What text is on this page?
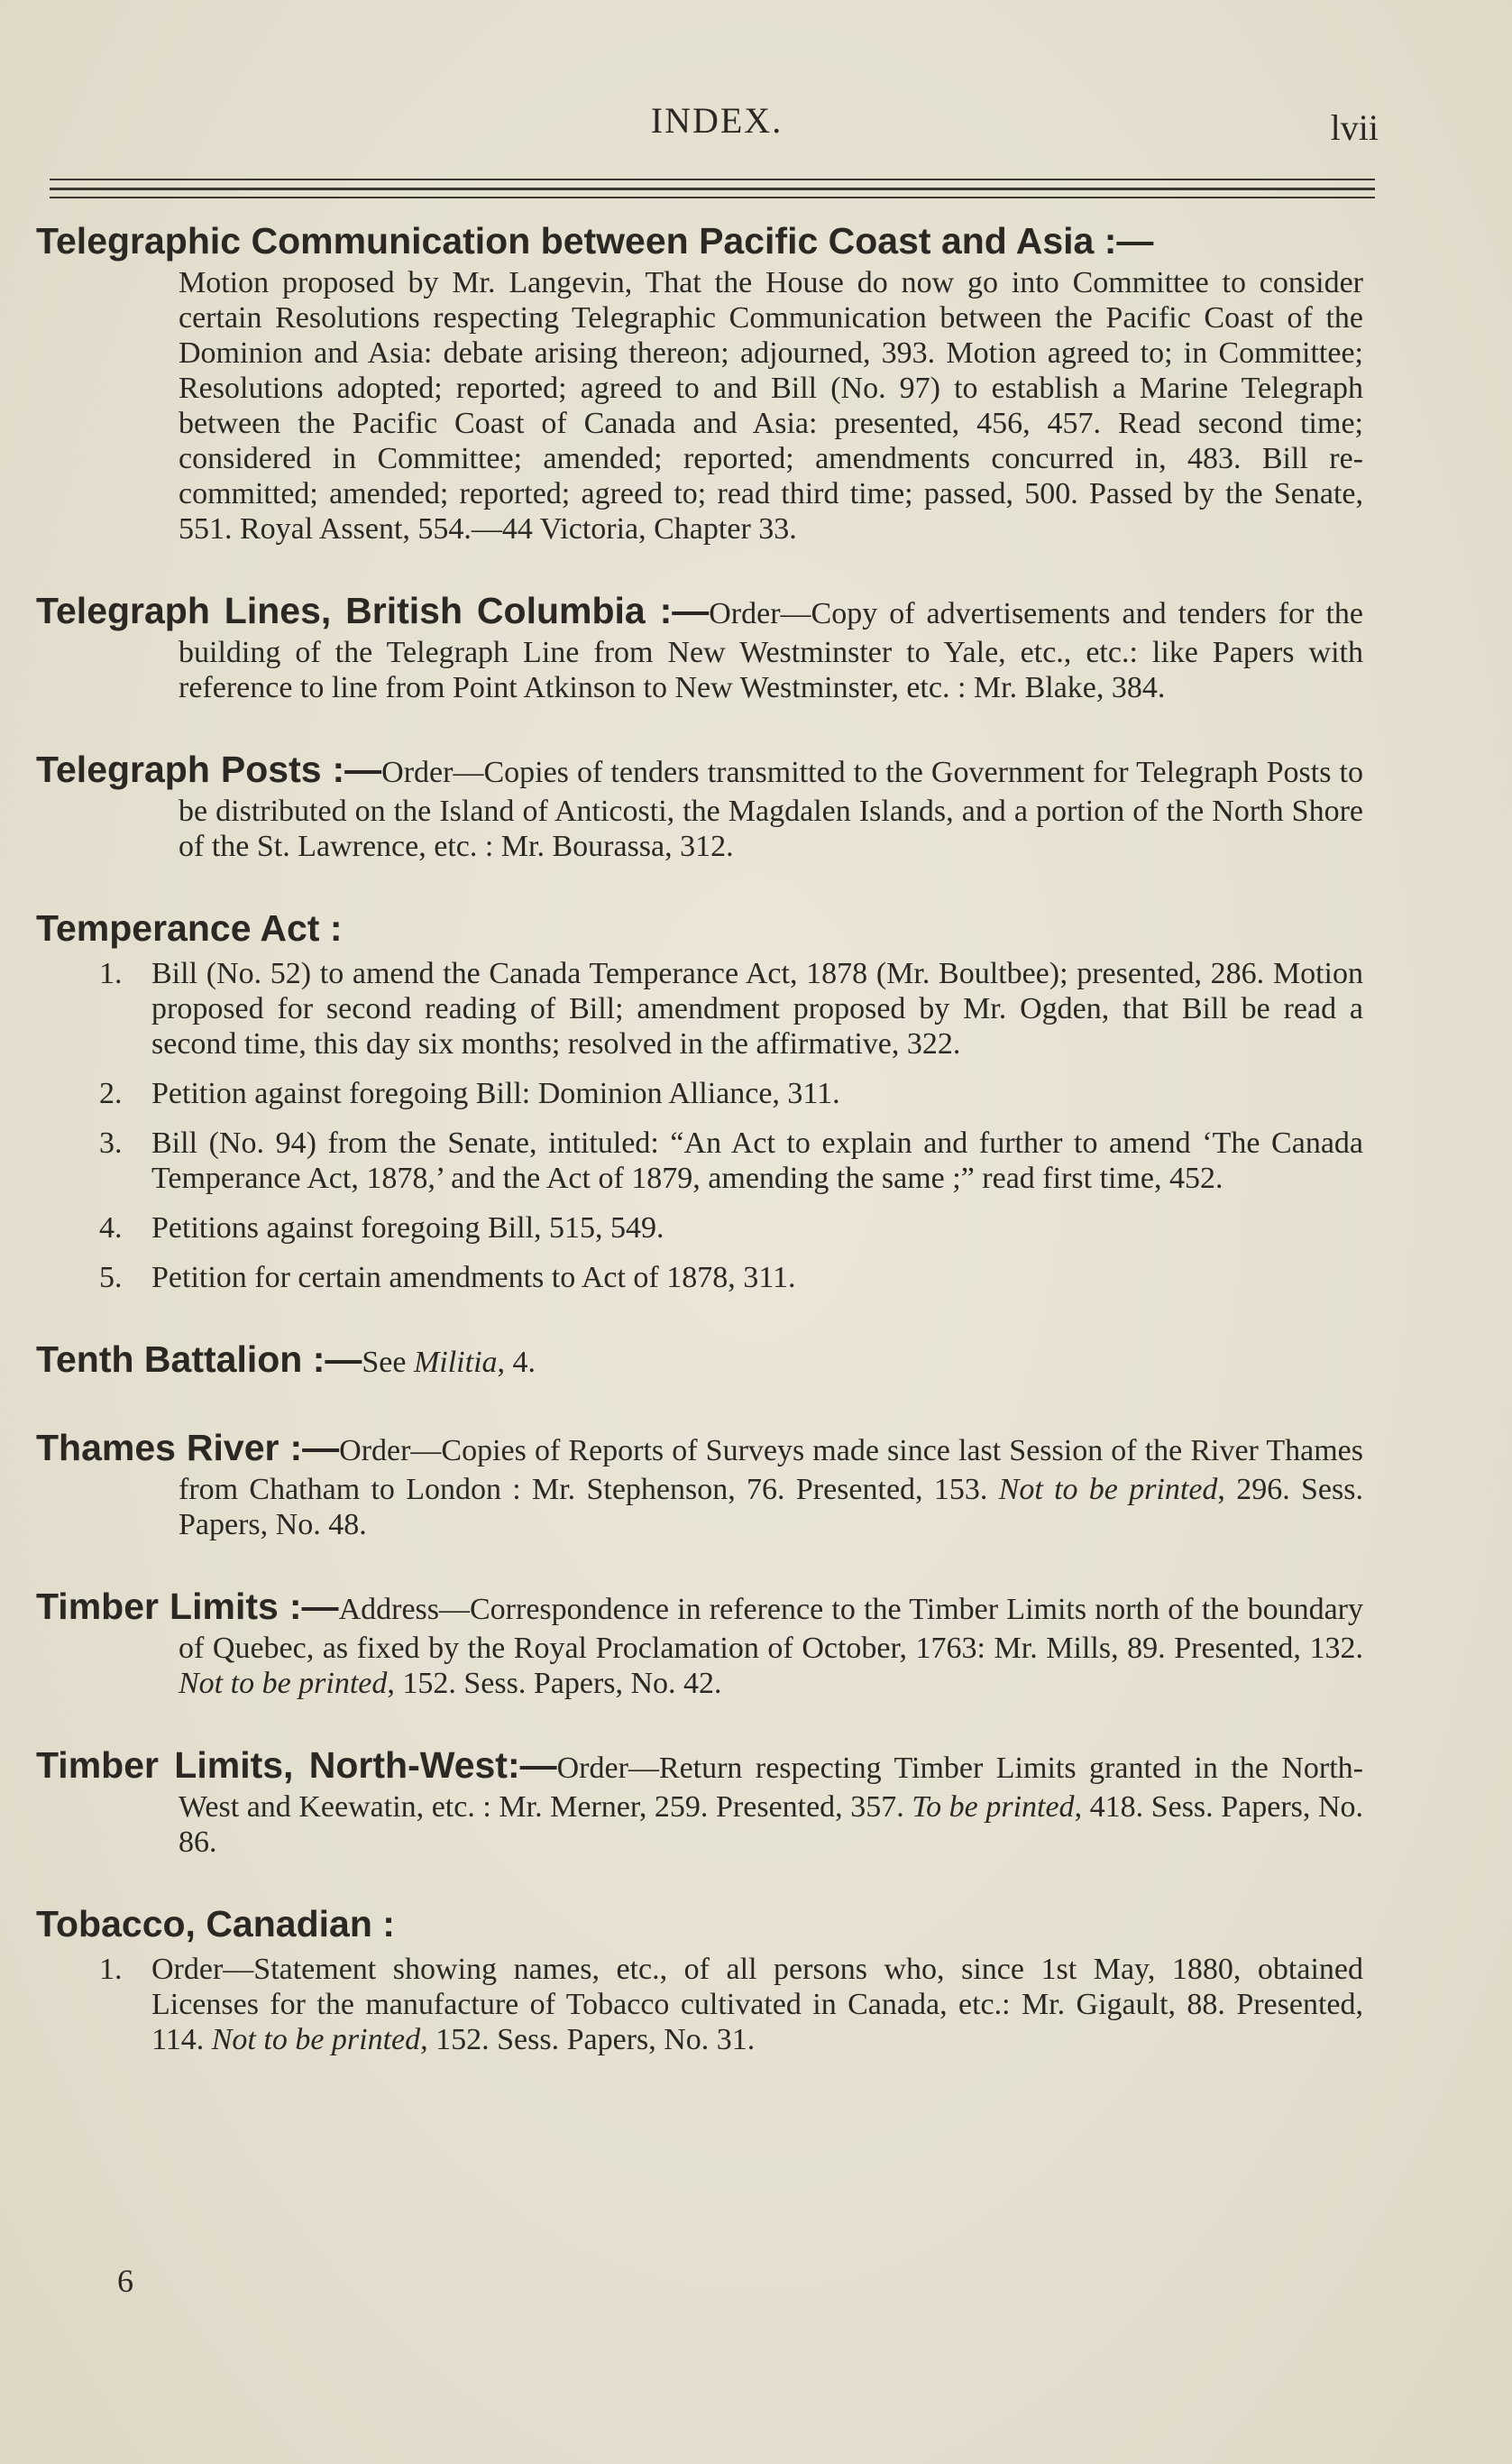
INDEX.	lvii
Telegraphic Communication between Pacific Coast and Asia :—
Motion proposed by Mr. Langevin, That the House do now go into Committee to consider certain Resolutions respecting Telegraphic Communication between the Pacific Coast of the Dominion and Asia: debate arising thereon; adjourned, 393. Motion agreed to; in Committee; Resolutions adopted; reported; agreed to and Bill (No. 97) to establish a Marine Telegraph between the Pacific Coast of Canada and Asia: presented, 456, 457. Read second time; considered in Committee; amended; reported; amendments concurred in, 483. Bill re-committed; amended; reported; agreed to; read third time; passed, 500. Passed by the Senate, 551. Royal Assent, 554.—44 Victoria, Chapter 33.
Telegraph Lines, British Columbia :—Order—Copy of advertisements and tenders for the building of the Telegraph Line from New Westminster to Yale, etc., etc.: like Papers with reference to line from Point Atkinson to New Westminster, etc. : Mr. Blake, 384.
Telegraph Posts :—Order—Copies of tenders transmitted to the Government for Telegraph Posts to be distributed on the Island of Anticosti, the Magdalen Islands, and a portion of the North Shore of the St. Lawrence, etc. : Mr. Bourassa, 312.
Temperance Act :
1. Bill (No. 52) to amend the Canada Temperance Act, 1878 (Mr. Boultbee); presented, 286. Motion proposed for second reading of Bill; amendment proposed by Mr. Ogden, that Bill be read a second time, this day six months; resolved in the affirmative, 322.
2. Petition against foregoing Bill: Dominion Alliance, 311.
3. Bill (No. 94) from the Senate, intituled: “An Act to explain and further to amend ‘The Canada Temperance Act, 1878,’ and the Act of 1879, amending the same ;” read first time, 452.
4. Petitions against foregoing Bill, 515, 549.
5. Petition for certain amendments to Act of 1878, 311.
Tenth Battalion :—See Militia, 4.
Thames River :—Order—Copies of Reports of Surveys made since last Session of the River Thames from Chatham to London : Mr. Stephenson, 76. Presented, 153. Not to be printed, 296. Sess. Papers, No. 48.
Timber Limits :—Address—Correspondence in reference to the Timber Limits north of the boundary of Quebec, as fixed by the Royal Proclamation of October, 1763: Mr. Mills, 89. Presented, 132. Not to be printed, 152. Sess. Papers, No. 42.
Timber Limits, North-West:—Order—Return respecting Timber Limits granted in the North-West and Keewatin, etc. : Mr. Merner, 259. Presented, 357. To be printed, 418. Sess. Papers, No. 86.
Tobacco, Canadian :
1. Order—Statement showing names, etc., of all persons who, since 1st May, 1880, obtained Licenses for the manufacture of Tobacco cultivated in Canada, etc.: Mr. Gigault, 88. Presented, 114. Not to be printed, 152. Sess. Papers, No. 31.
6
